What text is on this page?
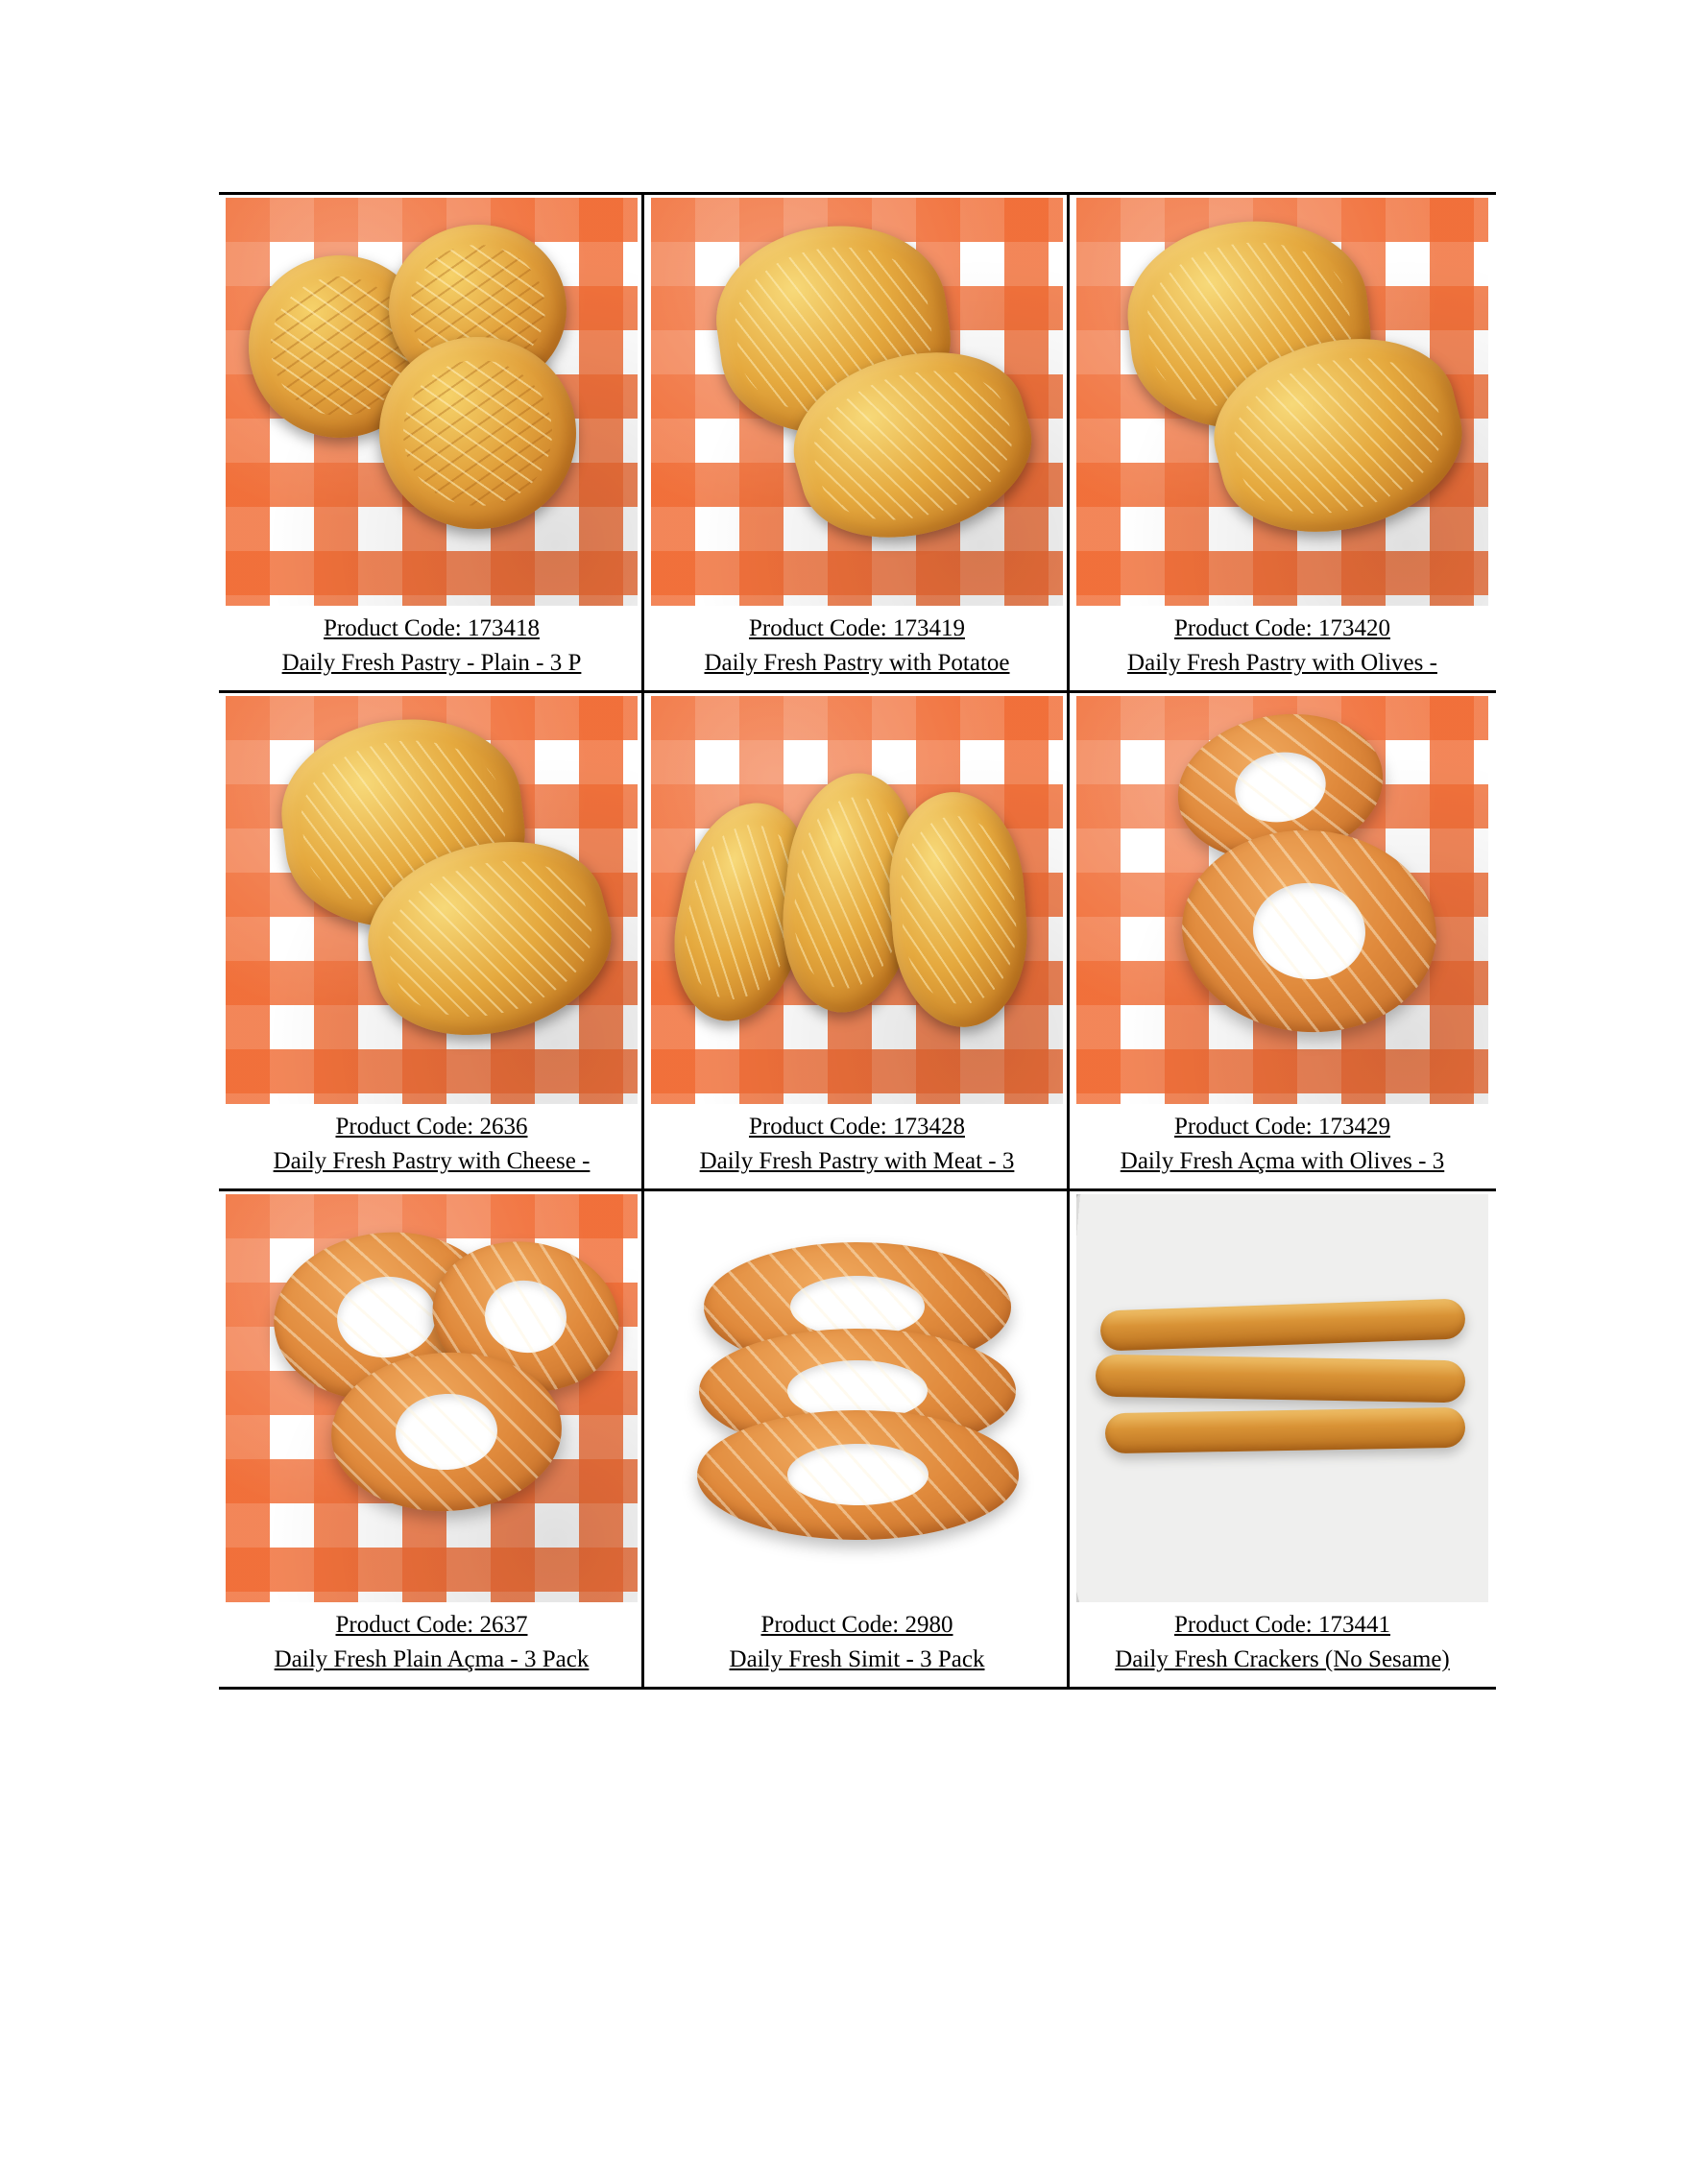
Product Code: 173418
Daily Fresh Pastry - Plain - 3 P
Product Code: 173419
Daily Fresh Pastry with Potatoe
Product Code: 173420
Daily Fresh Pastry with Olives -
Product Code: 2636
Daily Fresh Pastry with Cheese -
Product Code: 173428
Daily Fresh Pastry with Meat - 3
Product Code: 173429
Daily Fresh Açma with Olives - 3
Product Code: 2637
Daily Fresh Plain Açma - 3 Pack
Product Code: 2980
Daily Fresh Simit - 3 Pack
Product Code: 173441
Daily Fresh Crackers (No Sesame)
